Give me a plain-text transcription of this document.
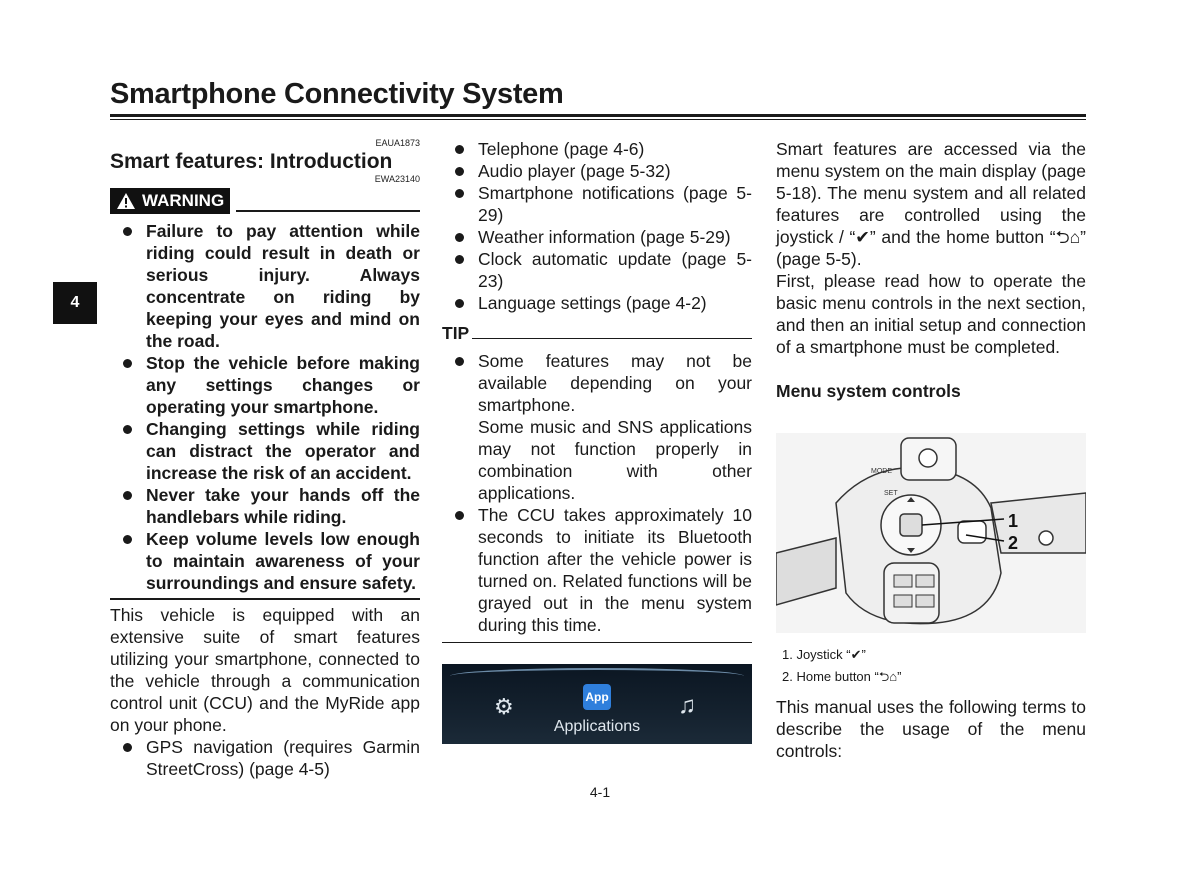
Smartphone Connectivity System
4
EAUA1873
Smart features: Introduction
EWA23140
WARNING
Failure to pay attention while riding could result in death or serious injury. Always concentrate on riding by keeping your eyes and mind on the road.
Stop the vehicle before making any settings changes or operating your smartphone.
Changing settings while riding can distract the operator and increase the risk of an accident.
Never take your hands off the handlebars while riding.
Keep volume levels low enough to maintain awareness of your surroundings and ensure safety.
This vehicle is equipped with an extensive suite of smart features utilizing your smartphone, connected to the vehicle through a communication control unit (CCU) and the MyRide app on your phone.
GPS navigation (requires Garmin StreetCross) (page 4-5)
Telephone (page 4-6)
Audio player (page 5-32)
Smartphone notifications (page 5-29)
Weather information (page 5-29)
Clock automatic update (page 5-23)
Language settings (page 4-2)
TIP
Some features may not be available depending on your smartphone.
Some music and SNS applications may not function properly in combination with other applications.
The CCU takes approximately 10 seconds to initiate its Bluetooth function after the vehicle power is turned on. Related functions will be grayed out in the menu system during this time.
⚙	App	♫
Applications
Smart features are accessed via the menu system on the main display (page 5-18). The menu system and all related features are controlled using the joystick / “✔” and the home button “⮌⌂” (page 5-5).
First, please read how to operate the basic menu controls in the next section, and then an initial setup and connection of a smartphone must be completed.
Menu system controls
MODE
SET
1
2
1. Joystick “✔”
2. Home button “⮌⌂”
This manual uses the following terms to describe the usage of the menu controls:
4-1
